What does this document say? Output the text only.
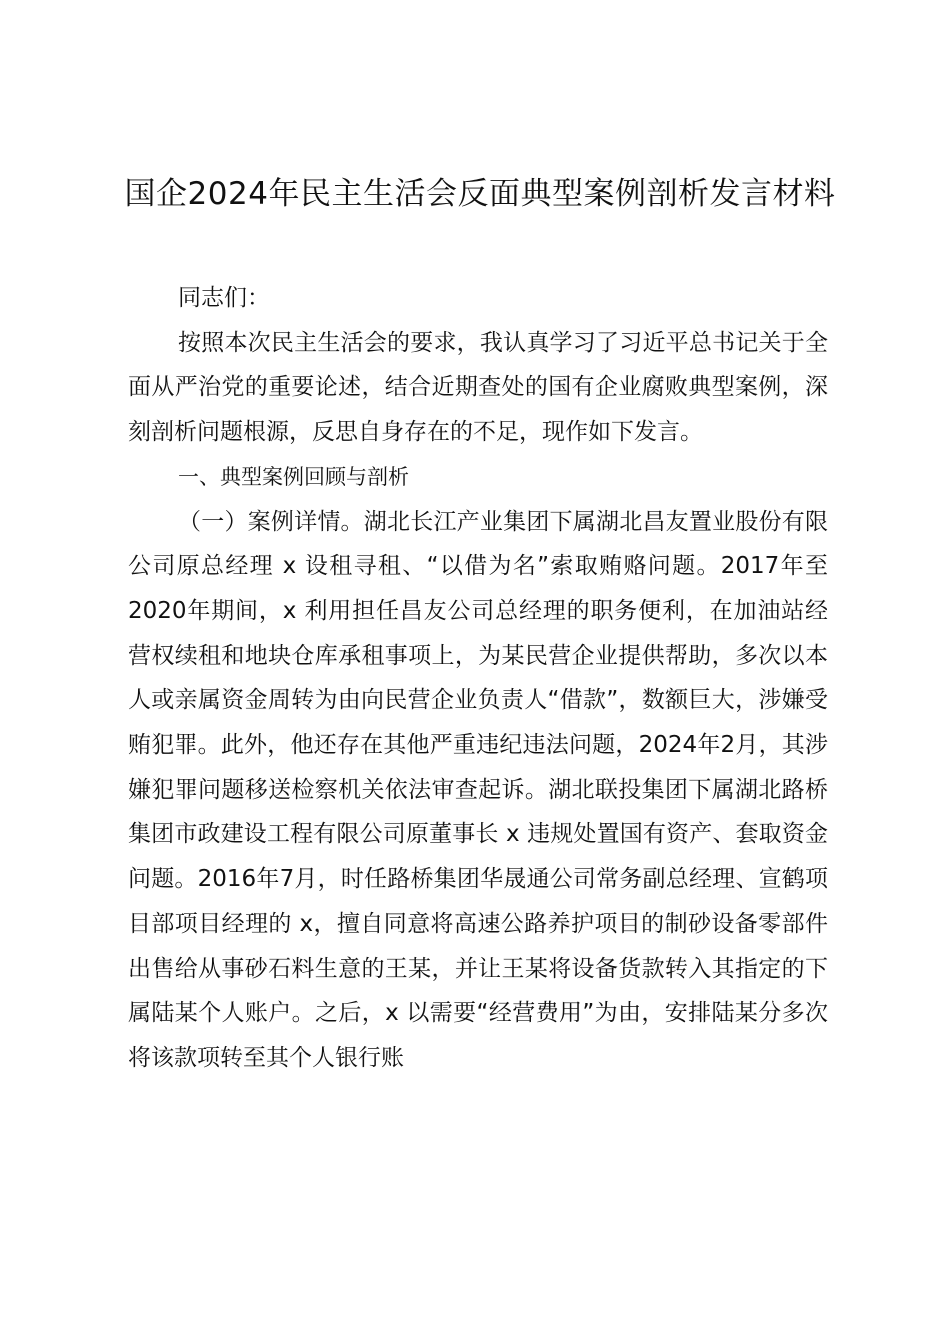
国企2024年民主生活会反面典型案例剖析发言材料

同志们：

按照本次民主生活会的要求，我认真学习了习近平总书记关于全面从严治党的重要论述，结合近期查处的国有企业腐败典型案例，深刻剖析问题根源，反思自身存在的不足，现作如下发言。

一、典型案例回顾与剖析

（一）案例详情。湖北长江产业集团下属湖北昌友置业股份有限公司原总经理 x 设租寻租、“以借为名”索取贿赂问题。2017年至2020年期间，x 利用担任昌友公司总经理的职务便利，在加油站经营权续租和地块仓库承租事项上，为某民营企业提供帮助，多次以本人或亲属资金周转为由向民营企业负责人“借款”，数额巨大，涉嫌受贿犯罪。此外，他还存在其他严重违纪违法问题，2024年2月，其涉嫌犯罪问题移送检察机关依法审查起诉。湖北联投集团下属湖北路桥集团市政建设工程有限公司原董事长 x 违规处置国有资产、套取资金问题。2016年7月，时任路桥集团华晟通公司常务副总经理、宣鹤项目部项目经理的 x，擅自同意将高速公路养护项目的制砂设备零部件出售给从事砂石料生意的王某，并让王某将设备货款转入其指定的下属陆某个人账户。之后，x 以需要“经营费用”为由，安排陆某分多次将该款项转至其个人银行账
